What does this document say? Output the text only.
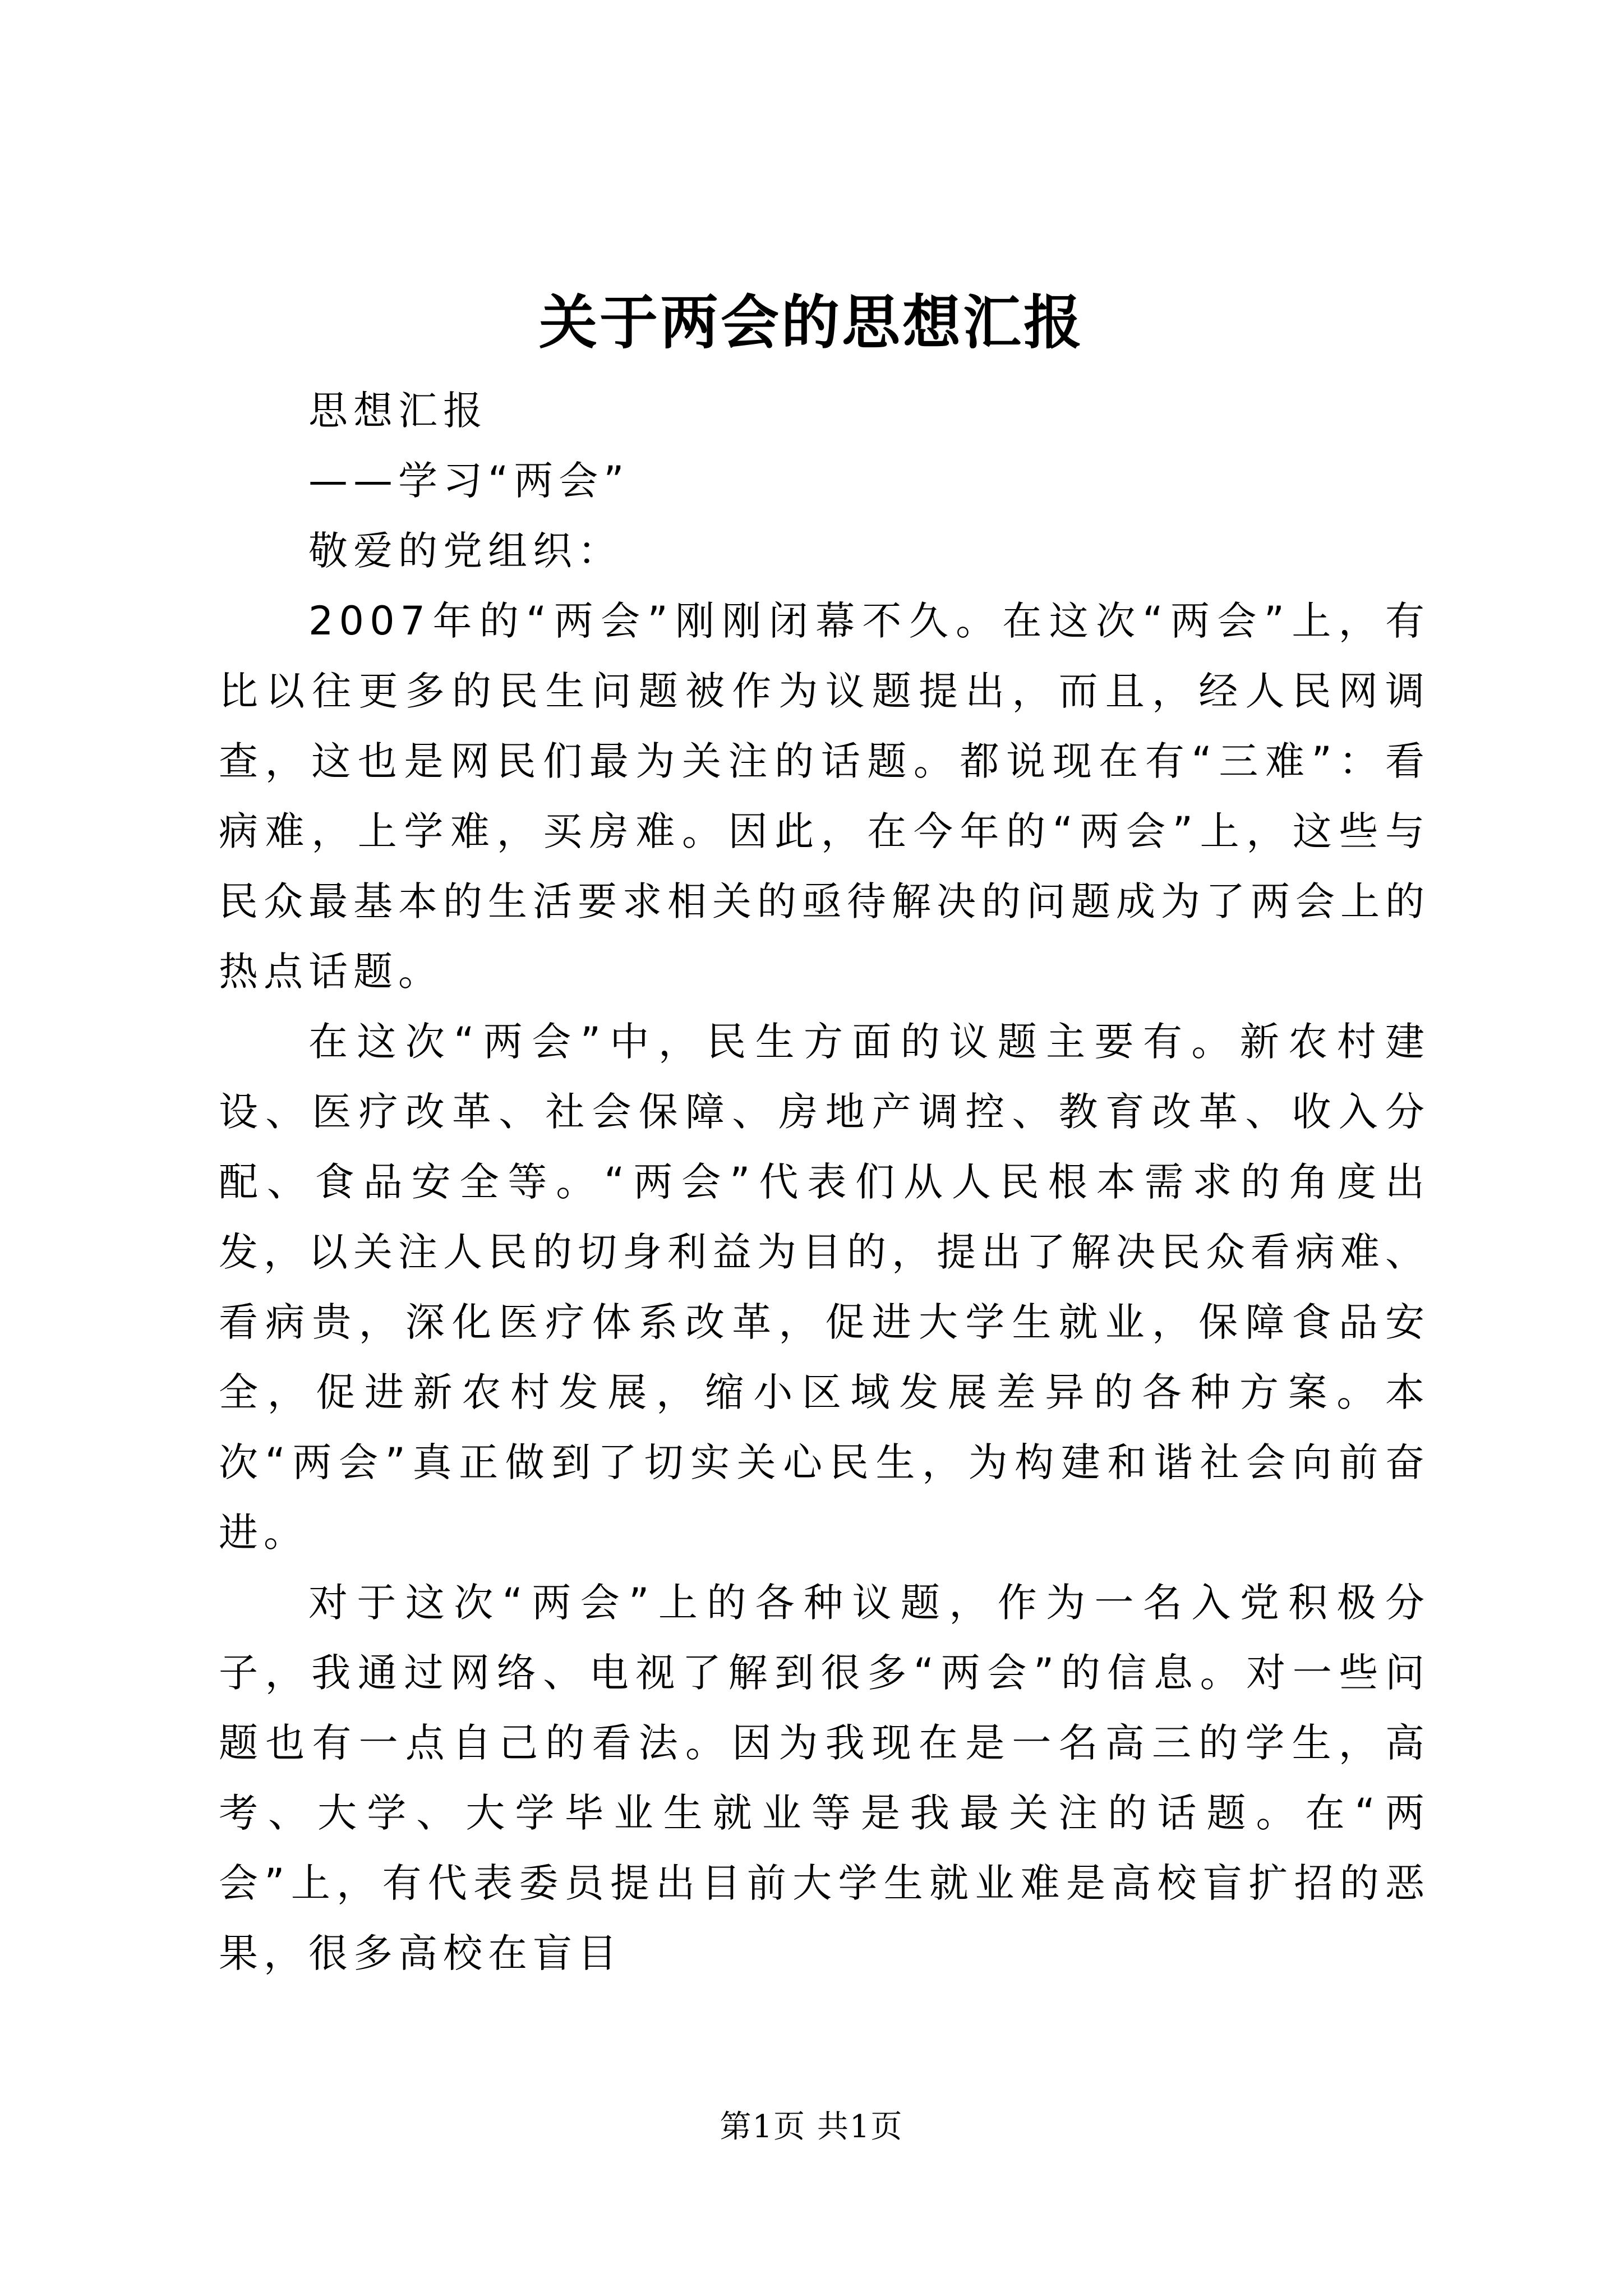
关于两会的思想汇报

思想汇报

——学习“两会”

敬爱的党组织：

2007年的“两会”刚刚闭幕不久。在这次“两会”上，有比以往更多的民生问题被作为议题提出，而且，经人民网调查，这也是网民们最为关注的话题。都说现在有“三难”：看病难，上学难，买房难。因此，在今年的“两会”上，这些与民众最基本的生活要求相关的亟待解决的问题成为了两会上的热点话题。

在这次“两会”中，民生方面的议题主要有。新农村建设、医疗改革、社会保障、房地产调控、教育改革、收入分配、食品安全等。“两会”代表们从人民根本需求的角度出发，以关注人民的切身利益为目的，提出了解决民众看病难、看病贵，深化医疗体系改革，促进大学生就业，保障食品安全，促进新农村发展，缩小区域发展差异的各种方案。本次“两会”真正做到了切实关心民生，为构建和谐社会向前奋进。

对于这次“两会”上的各种议题，作为一名入党积极分子，我通过网络、电视了解到很多“两会”的信息。对一些问题也有一点自己的看法。因为我现在是一名高三的学生，高考、大学、大学毕业生就业等是我最关注的话题。在“两会”上，有代表委员提出目前大学生就业难是高校盲扩招的恶果，很多高校在盲目

第1页 共1页
